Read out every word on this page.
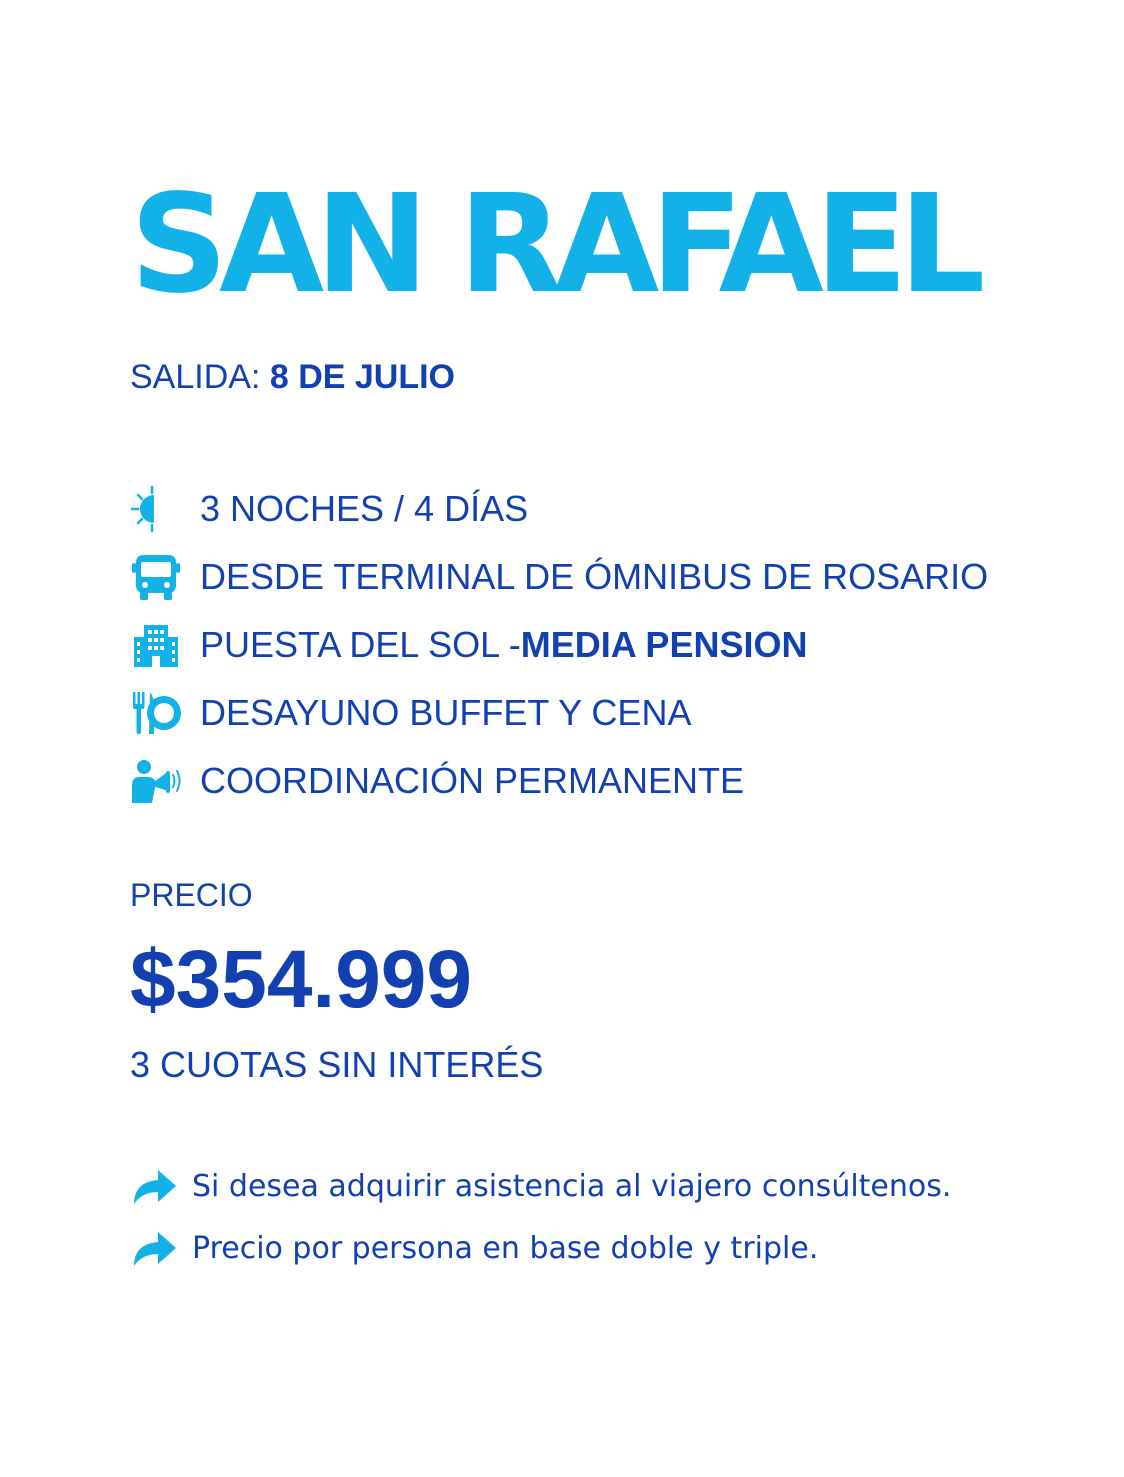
SAN RAFAEL
SALIDA: 8 DE JULIO
3 NOCHES / 4 DÍAS
DESDE TERMINAL DE ÓMNIBUS DE ROSARIO
PUESTA DEL SOL - MEDIA PENSION
DESAYUNO BUFFET Y CENA
COORDINACIÓN PERMANENTE
PRECIO
$354.999
3 CUOTAS SIN INTERÉS
Si desea adquirir asistencia al viajero consúltenos.
Precio por persona en base doble y triple.
